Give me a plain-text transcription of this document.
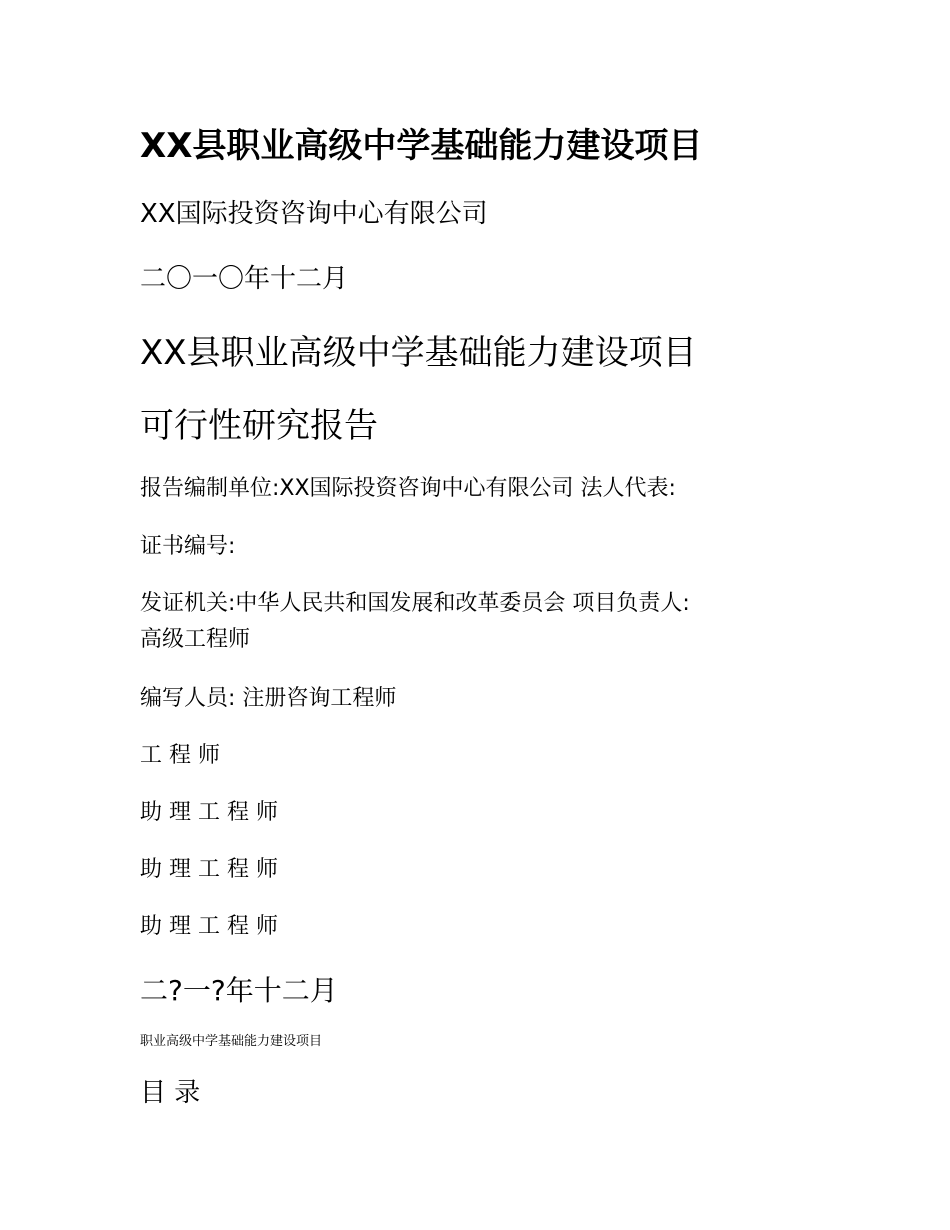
XX县职业高级中学基础能力建设项目

XX国际投资咨询中心有限公司

二〇一〇年十二月

XX县职业高级中学基础能力建设项目
可行性研究报告

报告编制单位:XX国际投资咨询中心有限公司 法人代表:

证书编号:

发证机关:中华人民共和国发展和改革委员会 项目负责人:

高级工程师

编写人员: 注册咨询工程师

工 程 师

助 理 工 程 师

助 理 工 程 师

助 理 工 程 师

二?一?年十二月

职业高级中学基础能力建设项目

目 录
